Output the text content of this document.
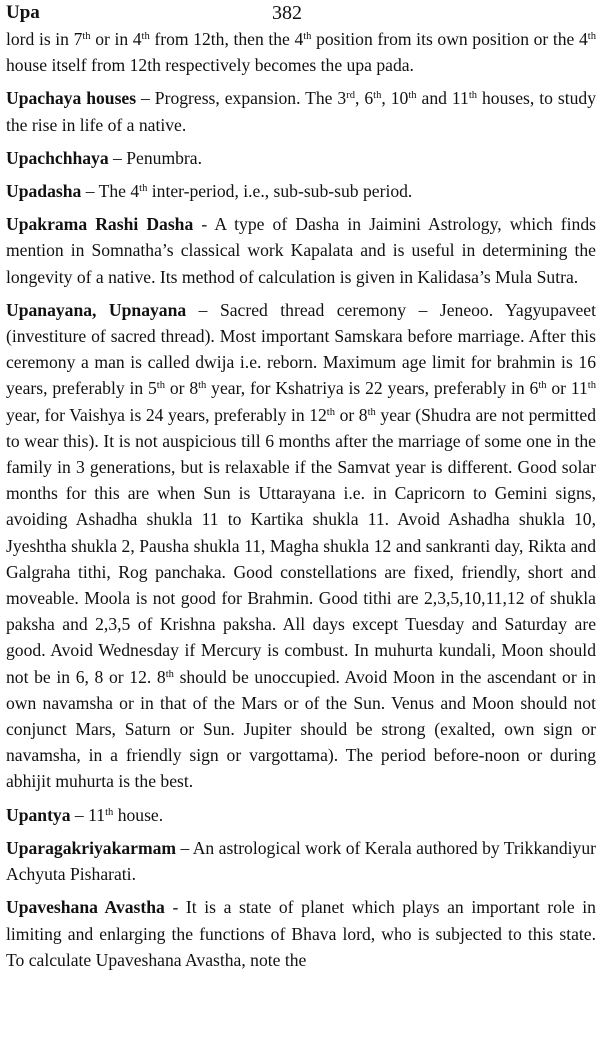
Upa	382

lord is in 7th or in 4th from 12th, then the 4th position from its own position or the 4th house itself from 12th respectively becomes the upa pada.

Upachaya houses – Progress, expansion. The 3rd, 6th, 10th and 11th houses, to study the rise in life of a native.

Upachchhaya – Penumbra.

Upadasha – The 4th inter-period, i.e., sub-sub-sub period.

Upakrama Rashi Dasha - A type of Dasha in Jaimini Astrology, which finds mention in Somnatha’s classical work Kapalata and is useful in determining the longevity of a native. Its method of calculation is given in Kalidasa’s Mula Sutra.

Upanayana, Upnayana – Sacred thread ceremony – Jeneoo. Yagyupaveet (investiture of sacred thread). Most important Samskara before marriage. After this ceremony a man is called dwija i.e. reborn. Maximum age limit for brahmin is 16 years, preferably in 5th or 8th year, for Kshatriya is 22 years, preferably in 6th or 11th year, for Vaishya is 24 years, preferably in 12th or 8th year (Shudra are not permitted to wear this). It is not auspicious till 6 months after the marriage of some one in the family in 3 generations, but is relaxable if the Samvat year is different. Good solar months for this are when Sun is Uttarayana i.e. in Capricorn to Gemini signs, avoiding Ashadha shukla 11 to Kartika shukla 11. Avoid Ashadha shukla 10, Jyeshtha shukla 2, Pausha shukla 11, Magha shukla 12 and sankranti day, Rikta and Galgraha tithi, Rog panchaka. Good constellations are fixed, friendly, short and moveable. Moola is not good for Brahmin. Good tithi are 2,3,5,10,11,12 of shukla paksha and 2,3,5 of Krishna paksha. All days except Tuesday and Saturday are good. Avoid Wednesday if Mercury is combust. In muhurta kundali, Moon should not be in 6, 8 or 12. 8th should be unoccupied. Avoid Moon in the ascendant or in own navamsha or in that of the Mars or of the Sun. Venus and Moon should not conjunct Mars, Saturn or Sun. Jupiter should be strong (exalted, own sign or navamsha, in a friendly sign or vargottama). The period before-noon or during abhijit muhurta is the best.

Upantya – 11th house.

Uparagakriyakarmam – An astrological work of Kerala authored by Trikkandiyur Achyuta Pisharati.

Upaveshana Avastha - It is a state of planet which plays an important role in limiting and enlarging the functions of Bhava lord, who is subjected to this state. To calculate Upaveshana Avastha, note the
